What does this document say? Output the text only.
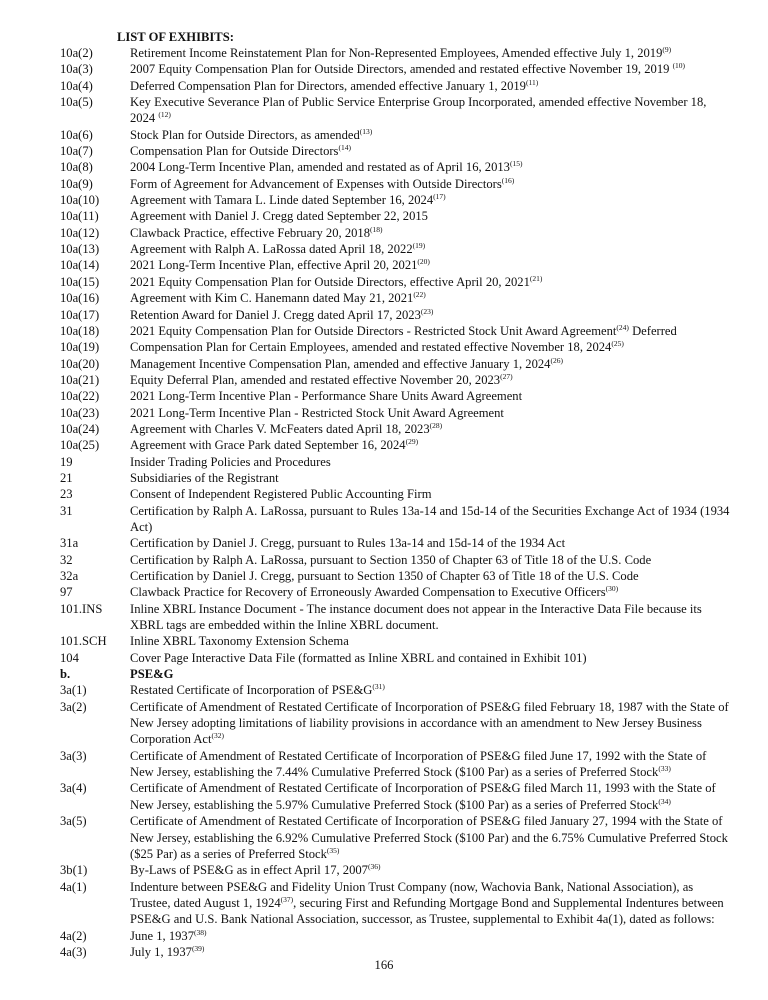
LIST OF EXHIBITS:
10a(2)	Retirement Income Reinstatement Plan for Non-Represented Employees, Amended effective July 1, 2019$^{(9)}$
10a(3)	2007 Equity Compensation Plan for Outside Directors, amended and restated effective November 19, 2019 $^{(10)}$
10a(4)	Deferred Compensation Plan for Directors, amended effective January 1, 2019$^{(11)}$
10a(5)	Key Executive Severance Plan of Public Service Enterprise Group Incorporated, amended effective November 18, 2024 $^{(12)}$
10a(6)	Stock Plan for Outside Directors, as amended$^{(13)}$
10a(7)	Compensation Plan for Outside Directors$^{(14)}$
10a(8)	2004 Long-Term Incentive Plan, amended and restated as of April 16, 2013$^{(15)}$
10a(9)	Form of Agreement for Advancement of Expenses with Outside Directors$^{(16)}$
10a(10)	Agreement with Tamara L. Linde dated September 16, 2024$^{(17)}$
10a(11)	Agreement with Daniel J. Cregg dated September 22, 2015
10a(12)	Clawback Practice, effective February 20, 2018$^{(18)}$
10a(13)	Agreement with Ralph A. LaRossa dated April 18, 2022$^{(19)}$
10a(14)	2021 Long-Term Incentive Plan, effective April 20, 2021$^{(20)}$
10a(15)	2021 Equity Compensation Plan for Outside Directors, effective April 20, 2021$^{(21)}$
10a(16)	Agreement with Kim C. Hanemann dated May 21, 2021$^{(22)}$
10a(17)	Retention Award for Daniel J. Cregg dated April 17, 2023$^{(23)}$
10a(18)	2021 Equity Compensation Plan for Outside Directors - Restricted Stock Unit Award Agreement$^{(24)}$ Deferred
10a(19)	Compensation Plan for Certain Employees, amended and restated effective November 18, 2024$^{(25)}$
10a(20)	Management Incentive Compensation Plan, amended and effective January 1, 2024$^{(26)}$
10a(21)	Equity Deferral Plan, amended and restated effective November 20, 2023$^{(27)}$
10a(22)	2021 Long-Term Incentive Plan - Performance Share Units Award Agreement
10a(23)	2021 Long-Term Incentive Plan - Restricted Stock Unit Award Agreement
10a(24)	Agreement with Charles V. McFeaters dated April 18, 2023$^{(28)}$
10a(25)	Agreement with Grace Park dated September 16, 2024$^{(29)}$
19	Insider Trading Policies and Procedures
21	Subsidiaries of the Registrant
23	Consent of Independent Registered Public Accounting Firm
31	Certification by Ralph A. LaRossa, pursuant to Rules 13a-14 and 15d-14 of the Securities Exchange Act of 1934 (1934 Act)
31a	Certification by Daniel J. Cregg, pursuant to Rules 13a-14 and 15d-14 of the 1934 Act
32	Certification by Ralph A. LaRossa, pursuant to Section 1350 of Chapter 63 of Title 18 of the U.S. Code
32a	Certification by Daniel J. Cregg, pursuant to Section 1350 of Chapter 63 of Title 18 of the U.S. Code
97	Clawback Practice for Recovery of Erroneously Awarded Compensation to Executive Officers$^{(30)}$
101.INS	Inline XBRL Instance Document - The instance document does not appear in the Interactive Data File because its XBRL tags are embedded within the Inline XBRL document.
101.SCH	Inline XBRL Taxonomy Extension Schema
104	Cover Page Interactive Data File (formatted as Inline XBRL and contained in Exhibit 101)
b.	PSE&G
3a(1)	Restated Certificate of Incorporation of $PSE\&G^{(31)}$
3a(2)	Certificate of Amendment of Restated Certificate of Incorporation of PSE&G filed February 18, 1987 with the State of New Jersey adopting limitations of liability provisions in accordance with an amendment to New Jersey Business Corporation Act$^{(32)}$
3a(3)	Certificate of Amendment of Restated Certificate of Incorporation of PSE&G filed June 17, 1992 with the State of New Jersey, establishing the 7.44% Cumulative Preferred Stock ($100 Par) as a series of Preferred Stock$^{(33)}$
3a(4)	Certificate of Amendment of Restated Certificate of Incorporation of PSE&G filed March 11, 1993 with the State of New Jersey, establishing the 5.97% Cumulative Preferred Stock ($100 Par) as a series of Preferred Stock$^{(34)}$
3a(5)	Certificate of Amendment of Restated Certificate of Incorporation of PSE&G filed January 27, 1994 with the State of New Jersey, establishing the 6.92% Cumulative Preferred Stock ($100 Par) and the 6.75% Cumulative Preferred Stock ($25 Par) as a series of Preferred Stock$^{(35)}$
3b(1)	By-Laws of PSE&G as in effect April 17, 2007$^{(36)}$
4a(1)	Indenture between PSE&G and Fidelity Union Trust Company (now, Wachovia Bank, National Association), as Trustee, dated August 1, 1924$^{(37)}$, securing First and Refunding Mortgage Bond and Supplemental Indentures between PSE&G and U.S. Bank National Association, successor, as Trustee, supplemental to Exhibit 4a(1), dated as follows:
4a(2)	June 1, 1937$^{(38)}$
4a(3)	July 1, 1937$^{(39)}$
166
